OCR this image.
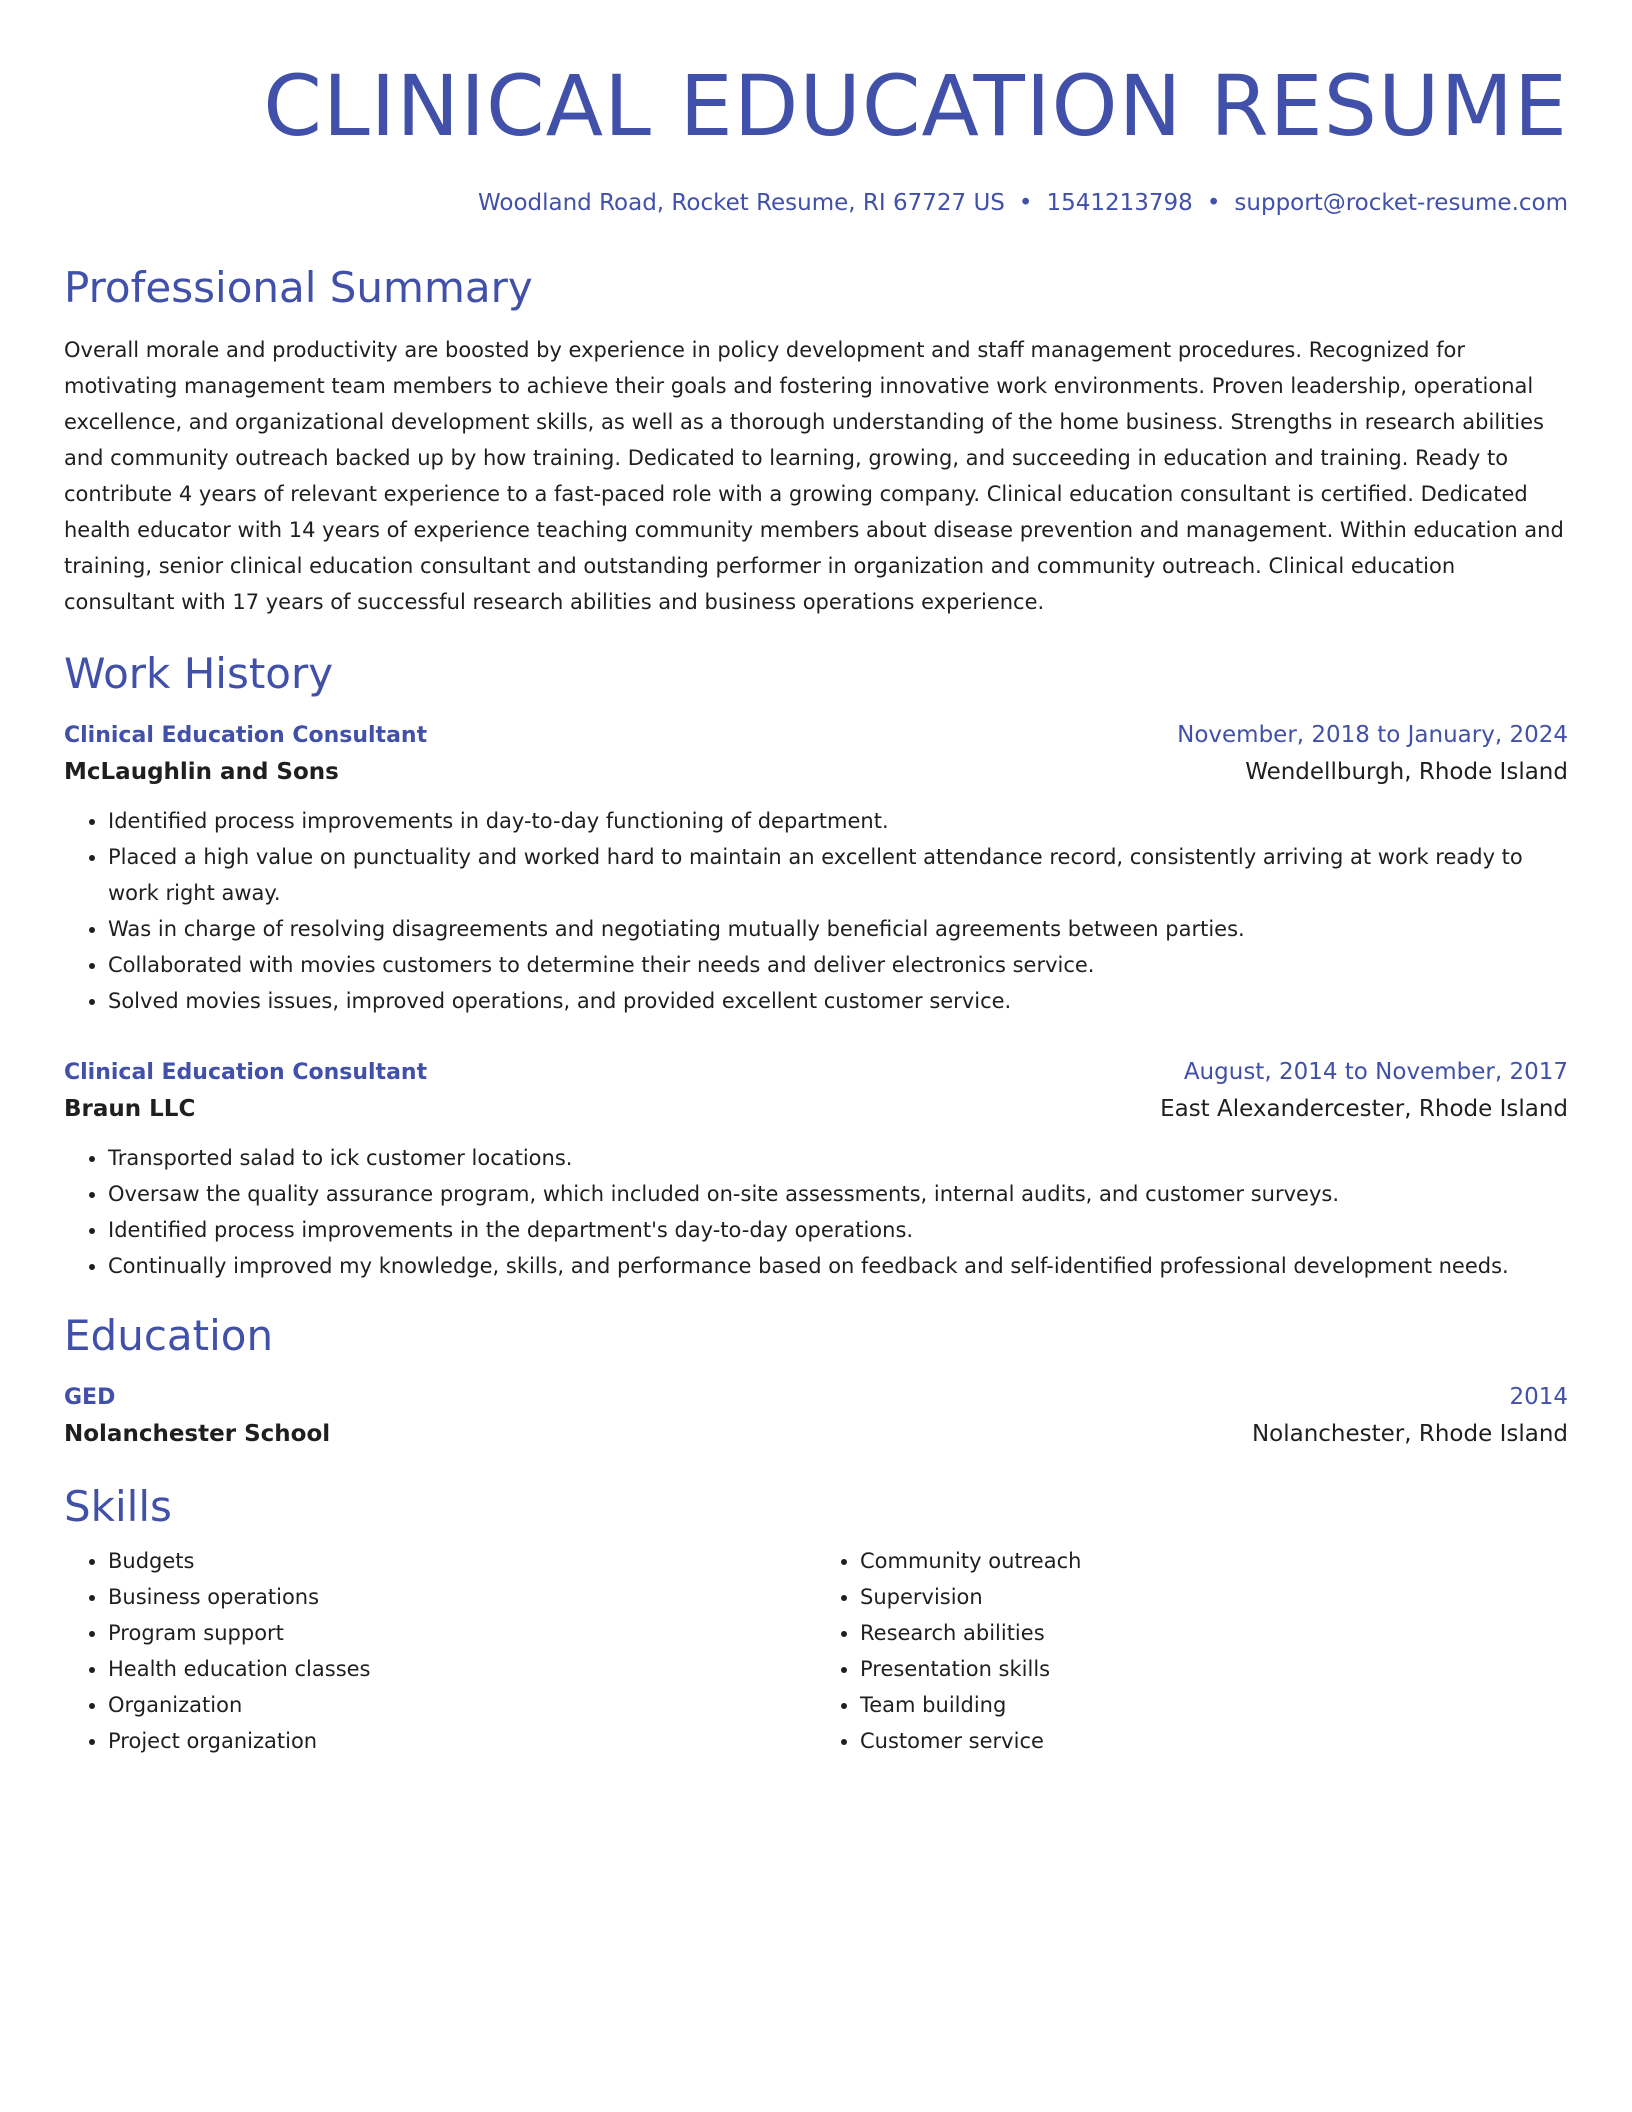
CLINICAL EDUCATION RESUME
Woodland Road, Rocket Resume, RI 67727 US • 1541213798 • support@rocket-resume.com
Professional Summary
Overall morale and productivity are boosted by experience in policy development and staff management procedures. Recognized for motivating management team members to achieve their goals and fostering innovative work environments. Proven leadership, operational excellence, and organizational development skills, as well as a thorough understanding of the home business. Strengths in research abilities and community outreach backed up by how training. Dedicated to learning, growing, and succeeding in education and training. Ready to contribute 4 years of relevant experience to a fast-paced role with a growing company. Clinical education consultant is certified. Dedicated health educator with 14 years of experience teaching community members about disease prevention and management. Within education and training, senior clinical education consultant and outstanding performer in organization and community outreach. Clinical education consultant with 17 years of successful research abilities and business operations experience.
Work History
Clinical Education Consultant	November, 2018 to January, 2024
McLaughlin and Sons	Wendellburgh, Rhode Island
• Identified process improvements in day-to-day functioning of department.
• Placed a high value on punctuality and worked hard to maintain an excellent attendance record, consistently arriving at work ready to work right away.
• Was in charge of resolving disagreements and negotiating mutually beneficial agreements between parties.
• Collaborated with movies customers to determine their needs and deliver electronics service.
• Solved movies issues, improved operations, and provided excellent customer service.
Clinical Education Consultant	August, 2014 to November, 2017
Braun LLC	East Alexandercester, Rhode Island
• Transported salad to ick customer locations.
• Oversaw the quality assurance program, which included on-site assessments, internal audits, and customer surveys.
• Identified process improvements in the department's day-to-day operations.
• Continually improved my knowledge, skills, and performance based on feedback and self-identified professional development needs.
Education
GED	2014
Nolanchester School	Nolanchester, Rhode Island
Skills
• Budgets
• Business operations
• Program support
• Health education classes
• Organization
• Project organization
• Community outreach
• Supervision
• Research abilities
• Presentation skills
• Team building
• Customer service
